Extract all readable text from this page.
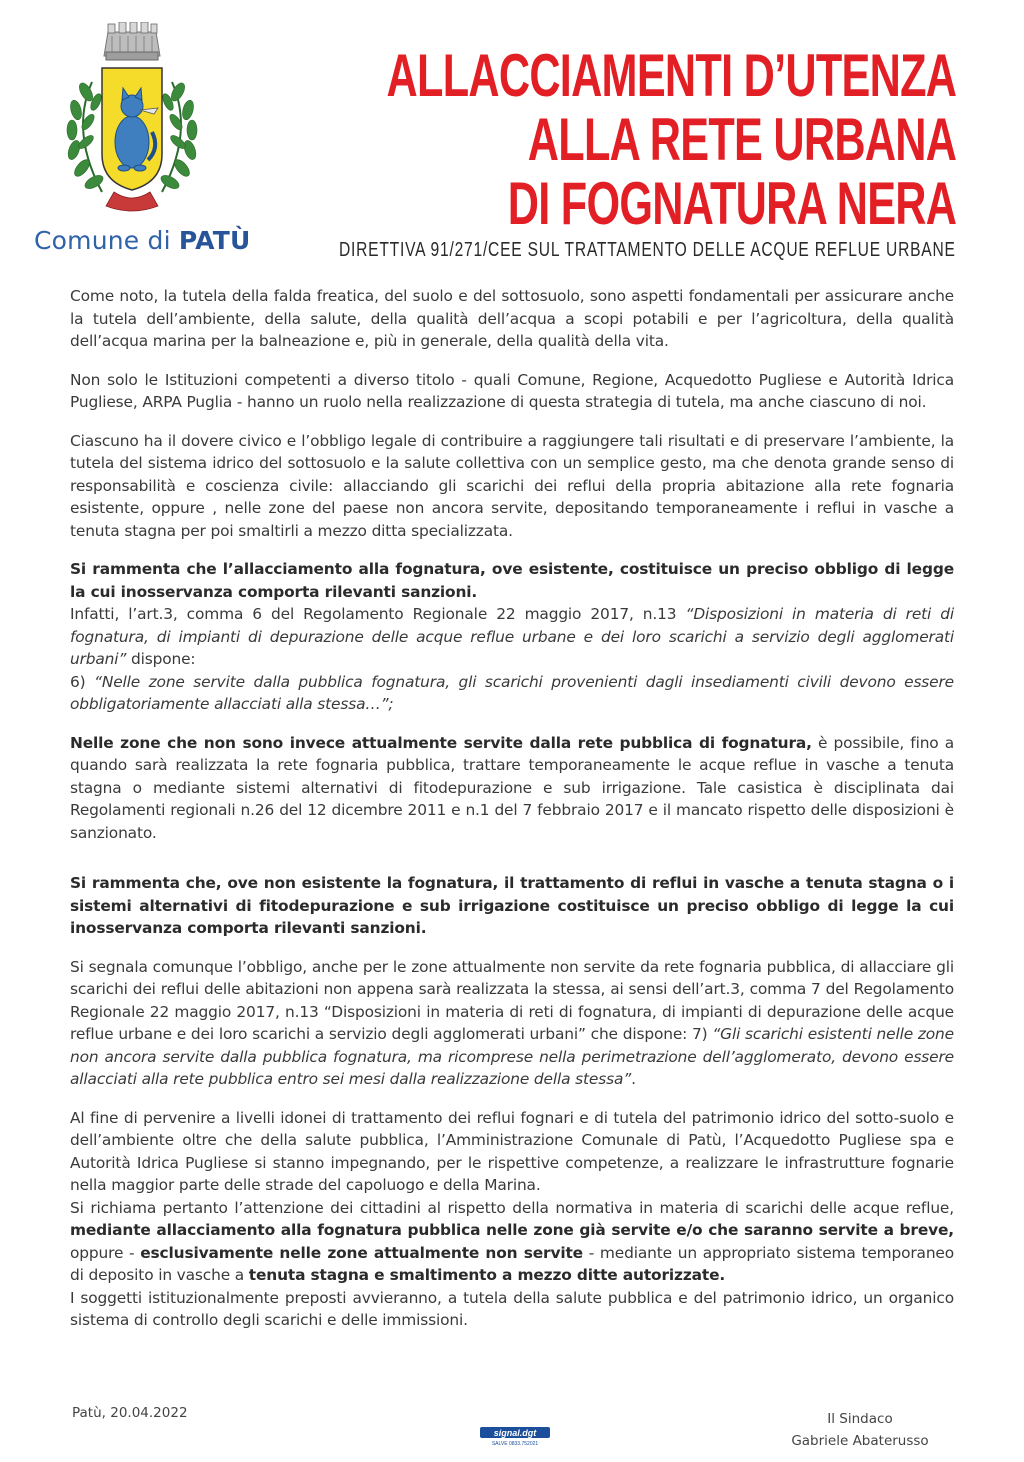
Comune di PATÙ
ALLACCIAMENTI D’UTENZA
ALLA RETE URBANA
DI FOGNATURA NERA
DIRETTIVA 91/271/CEE SUL TRATTAMENTO DELLE ACQUE REFLUE URBANE

Come noto, la tutela della falda freatica, del suolo e del sottosuolo, sono aspetti fondamentali per assicurare anche la tutela dell’ambiente, della salute, della qualità dell’acqua a scopi potabili e per l’agricoltura, della qualità dell’acqua marina per la balneazione e, più in generale, della qualità della vita.

Non solo le Istituzioni competenti a diverso titolo - quali Comune, Regione, Acquedotto Pugliese e Autorità Idrica Pugliese, ARPA Puglia - hanno un ruolo nella realizzazione di questa strategia di tutela, ma anche ciascuno di noi.

Ciascuno ha il dovere civico e l’obbligo legale di contribuire a raggiungere tali risultati e di preservare l’ambiente, la tutela del sistema idrico del sottosuolo e la salute collettiva con un semplice gesto, ma che denota grande senso di responsabilità e coscienza civile: allacciando gli scarichi dei reflui della propria abitazione alla rete fognaria esistente, oppure , nelle zone del paese non ancora servite, depositando temporaneamente i reflui in vasche a tenuta stagna per poi smaltirli a mezzo ditta specializzata.

Si rammenta che l’allacciamento alla fognatura, ove esistente, costituisce un preciso obbligo di legge la cui inosservanza comporta rilevanti sanzioni.

Infatti, l’art.3, comma 6 del Regolamento Regionale 22 maggio 2017, n.13 “Disposizioni in materia di reti di fognatura, di impianti di depurazione delle acque reflue urbane e dei loro scarichi a servizio degli agglomerati urbani” dispone:

6) “Nelle zone servite dalla pubblica fognatura, gli scarichi provenienti dagli insediamenti civili devono essere obbligatoriamente allacciati alla stessa…”;

Nelle zone che non sono invece attualmente servite dalla rete pubblica di fognatura, è possibile, fino a quando sarà realizzata la rete fognaria pubblica, trattare temporaneamente le acque reflue in vasche a tenuta stagna o mediante sistemi alternativi di fitodepurazione e sub irrigazione. Tale casistica è disciplinata dai Regolamenti regionali n.26 del 12 dicembre 2011 e n.1 del 7 febbraio 2017 e il mancato rispetto delle disposizioni è sanzionato.

Si rammenta che, ove non esistente la fognatura, il trattamento di reflui in vasche a tenuta stagna o i sistemi alternativi di fitodepurazione e sub irrigazione costituisce un preciso obbligo di legge la cui inosservanza comporta rilevanti sanzioni.

Si segnala comunque l’obbligo, anche per le zone attualmente non servite da rete fognaria pubblica, di allacciare gli scarichi dei reflui delle abitazioni non appena sarà realizzata la stessa, ai sensi dell’art.3, comma 7 del Regolamento Regionale 22 maggio 2017, n.13 “Disposizioni in materia di reti di fognatura, di impianti di depurazione delle acque reflue urbane e dei loro scarichi a servizio degli agglomerati urbani” che dispone: 7) “Gli scarichi esistenti nelle zone non ancora servite dalla pubblica fognatura, ma ricomprese nella perimetrazione dell’agglomerato, devono essere allacciati alla rete pubblica entro sei mesi dalla realizzazione della stessa”.

Al fine di pervenire a livelli idonei di trattamento dei reflui fognari e di tutela del patrimonio idrico del sotto-suolo e dell’ambiente oltre che della salute pubblica, l’Amministrazione Comunale di Patù, l’Acquedotto Pugliese spa e Autorità Idrica Pugliese si stanno impegnando, per le rispettive competenze, a realizzare le infrastrutture fognarie nella maggior parte delle strade del capoluogo e della Marina.

Si richiama pertanto l’attenzione dei cittadini al rispetto della normativa in materia di scarichi delle acque reflue, mediante allacciamento alla fognatura pubblica nelle zone già servite e/o che saranno servite a breve, oppure - esclusivamente nelle zone attualmente non servite - mediante un appropriato sistema temporaneo di deposito in vasche a tenuta stagna e smaltimento a mezzo ditte autorizzate.

I soggetti istituzionalmente preposti avvieranno, a tutela della salute pubblica e del patrimonio idrico, un organico sistema di controllo degli scarichi e delle immissioni.

Patù, 20.04.2022
signal.dgt
SALVE 0833.752021
Il Sindaco
Gabriele Abaterusso
